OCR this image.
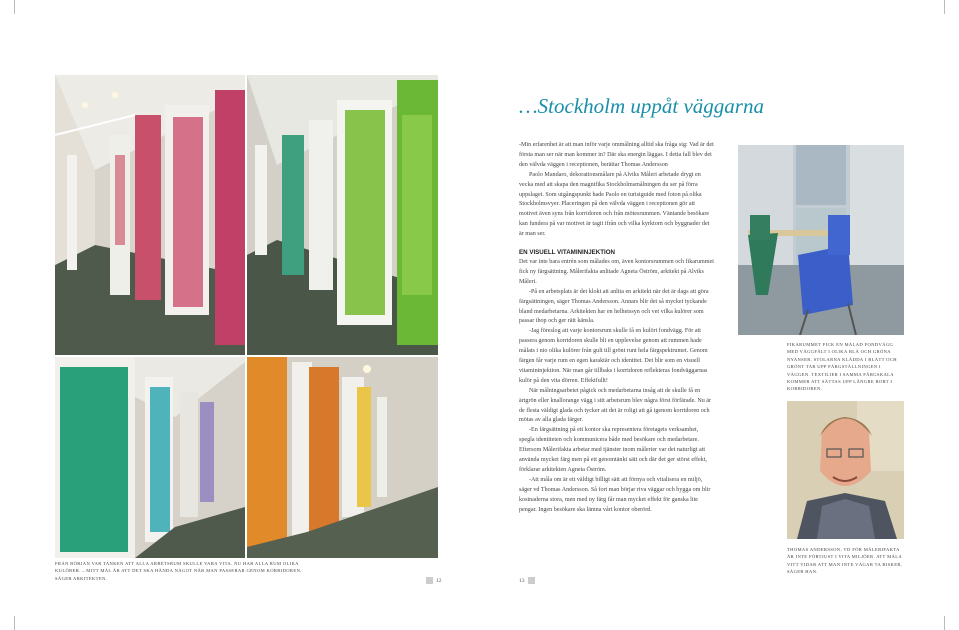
FRÅN BÖRJAN VAR TANKEN ATT ALLA ARBETSRUM SKULLE VARA VITA. NU HAR ALLA RUM OLIKA KULÖRER. – MITT MÅL ÄR ATT DET SKA HÄNDA NÅGOT NÄR MAN PASSERAR GENOM KORRIDOREN, SÄGER ARKITEKTEN.	12	13
…Stockholm uppåt väggarna

-Min erfarenhet är att man inför varje ommålning alltid ska fråga sig: Vad är det första man ser när man kommer in? Där ska energin läggas. I detta fall blev det den välvda väggen i receptionen, berättar Thomas Andersson

Paolo Mandaro, dekorationsmålare på Alviks Måleri arbetade drygt en vecka med att skapa den magnifika Stockholmsmålningen du ser på förra uppslaget. Som utgångspunkt hade Paolo en turistguide med foton på olika Stockholmsvyer. Placeringen på den välvda väggen i receptionen gör att motivet även syns från korridoren och från mötesrummen. Väntande besökare kan fundera på var motivet är tagit ifrån och vilka kyrktorn och byggnader det är man ser.

EN VISUELL VITAMININJEKTION

Det var inte bara entrén som målades om, även kontorsrummen och fikarummet fick ny färgsättning. Målerifakta anlitade Agneta Öström, arkitekt på Alviks Måleri.

-På en arbetsplats är det klokt att anlita en arkitekt när det är dags att göra färgsättningen, säger Thomas Andersson. Annars blir det så mycket tyckande bland medarbetarna. Arkitekten har en helhetssyn och vet vilka kulörer som passar ihop och ger rätt känsla.

-Jag föreslog att varje kontorsrum skulle få en kulört fondvägg. För att passera genom korridoren skulle bli en upplevelse genom att rummen hade målats i nio olika kulörer från gult till grönt runt hela färgspektrumet. Genom färgen får varje rum en egen karaktär och identitet. Det blir som en visuell vitamininjektion. När man går tillbaks i korridoren reflekteras fondväggarnas kulör på den vita dörren. Effektfullt!

När målningsarbetet pågick och medarbetarna insåg att de skulle få en ärtgrön eller knallorange vägg i sitt arbetsrum blev några först förfärade. Nu är de flesta väldigt glada och tycker att det är roligt att gå igenom korridoren och mötas av alla glada färger.

-En färgsättning på ett kontor ska representera företagets verksamhet, spegla identiteten och kommunicera både med besökare och medarbetare. Eftersom Målerifakta arbetar med tjänster inom målerier var det naturligt att använda mycket färg men på ett genomtänkt sätt och där det ger störst effekt, förklarar arkitekten Agneta Öström.

-Att måla om är ett väldigt billigt sätt att förnya och vitalisera en miljö, säger vd Thomas Andersson. Så fort man börjar riva väggar och bygga om blir kostnaderna stora, men med ny färg får man mycket effekt för ganska lite pengar. Ingen besökare ska lämna vårt kontor oberörd.

FIKARUMMET FICK EN MÅLAD FONDVÄGG MED VÄGGFÄLT I OLIKA BLÅ OCH GRÖNA NYANSER. STOLARNA KLÄDDA I BLÅTT OCH GRÖNT TAR UPP FÄRGSTÄLLNINGEN I VÄGGEN. TEXTILIER I SAMMA FÄRGSKALA KOMMER ATT SÄTTAS UPP LÄNGRE BORT I KORRIDOREN.
THOMAS ANDERSSON, VD FÖR MÅLERIFAKTA ÄR INTE FÖRTJUST I VITA MILJÖER. ATT MÅLA VITT VIDAR ATT MAN INTE VÅGAR TA RISKER, SÄGER HAN.
